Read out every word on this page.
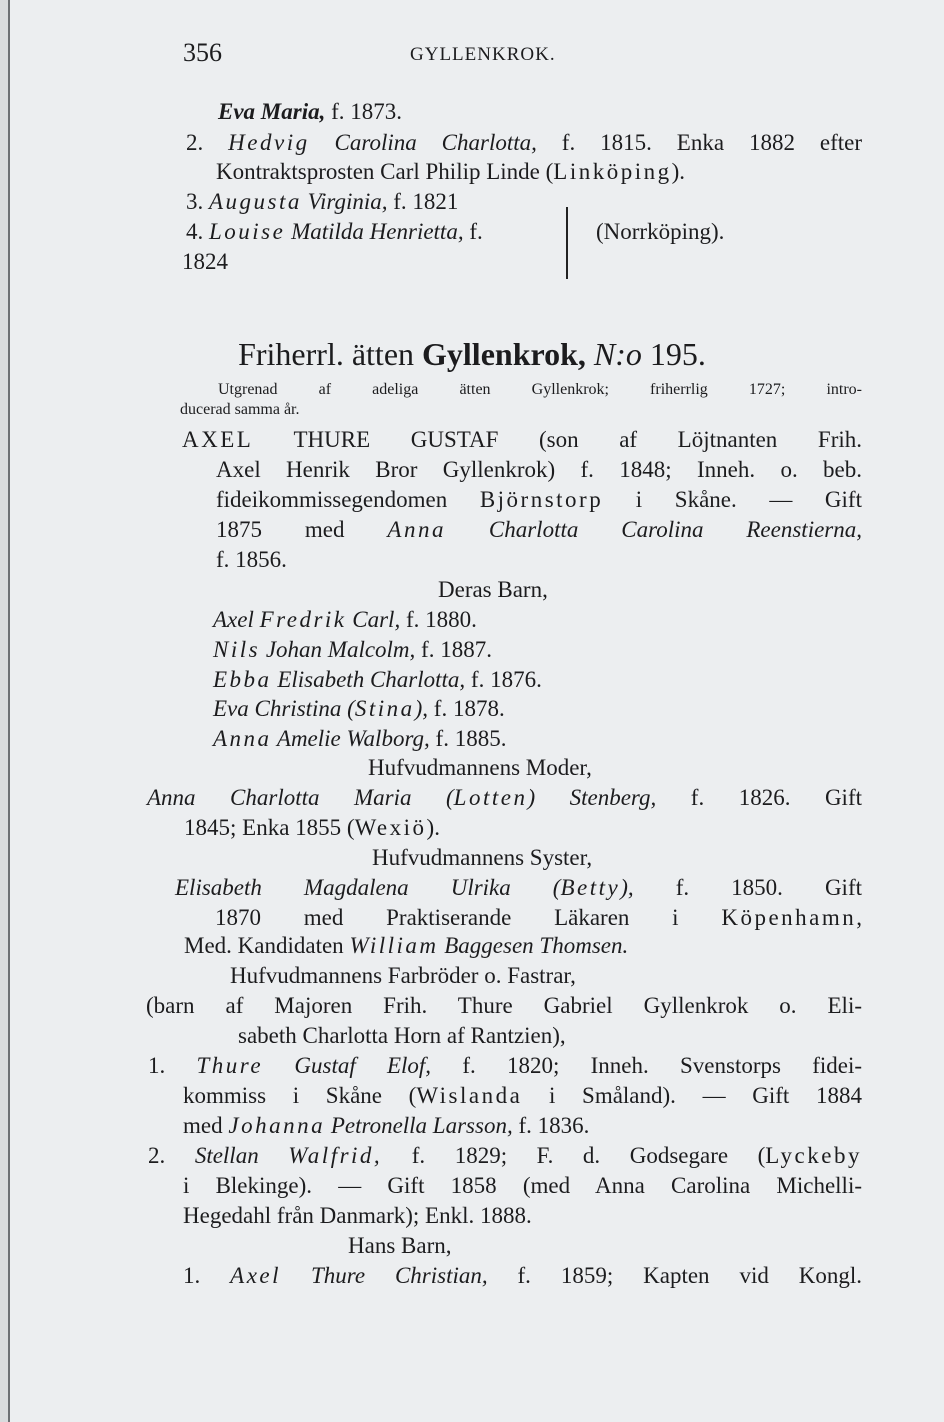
356	GYLLENKROK.
(Norrköping).
Friherrl. ätten Gyllenkrok, N:o 195.
Eva Maria, f. 1873.
2. Hedvig Carolina Charlotta, f. 1815. Enka 1882 efter
Kontraktsprosten Carl Philip Linde (Linköping).
3. Augusta Virginia, f. 1821
4. Louise Matilda Henrietta, f.
1824
Utgrenad af adeliga ätten Gyllenkrok; friherrlig 1727; intro-
ducerad samma år.
AXEL THURE GUSTAF (son af Löjtnanten Frih.
Axel Henrik Bror Gyllenkrok) f. 1848; Inneh. o. beb.
fideikommissegendomen Björnstorp i Skåne. — Gift
1875 med Anna Charlotta Carolina Reenstierna,
f. 1856.
Deras Barn,
Axel Fredrik Carl, f. 1880.
Nils Johan Malcolm, f. 1887.
Ebba Elisabeth Charlotta, f. 1876.
Eva Christina (Stina), f. 1878.
Anna Amelie Walborg, f. 1885.
Hufvudmannens Moder,
Anna Charlotta Maria (Lotten) Stenberg, f. 1826. Gift
1845; Enka 1855 (Wexiö).
Hufvudmannens Syster,
Elisabeth Magdalena Ulrika (Betty), f. 1850. Gift
1870 med Praktiserande Läkaren i Köpenhamn,
Med. Kandidaten William Baggesen Thomsen.
Hufvudmannens Farbröder o. Fastrar,
(barn af Majoren Frih. Thure Gabriel Gyllenkrok o. Eli-
sabeth Charlotta Horn af Rantzien),
1. Thure Gustaf Elof, f. 1820; Inneh. Svenstorps fidei-
kommiss i Skåne (Wislanda i Småland). — Gift 1884
med Johanna Petronella Larsson, f. 1836.
2. Stellan Walfrid, f. 1829; F. d. Godsegare (Lyckeby
i Blekinge). — Gift 1858 (med Anna Carolina Michelli-
Hegedahl från Danmark); Enkl. 1888.
Hans Barn,
1. Axel Thure Christian, f. 1859; Kapten vid Kongl.
